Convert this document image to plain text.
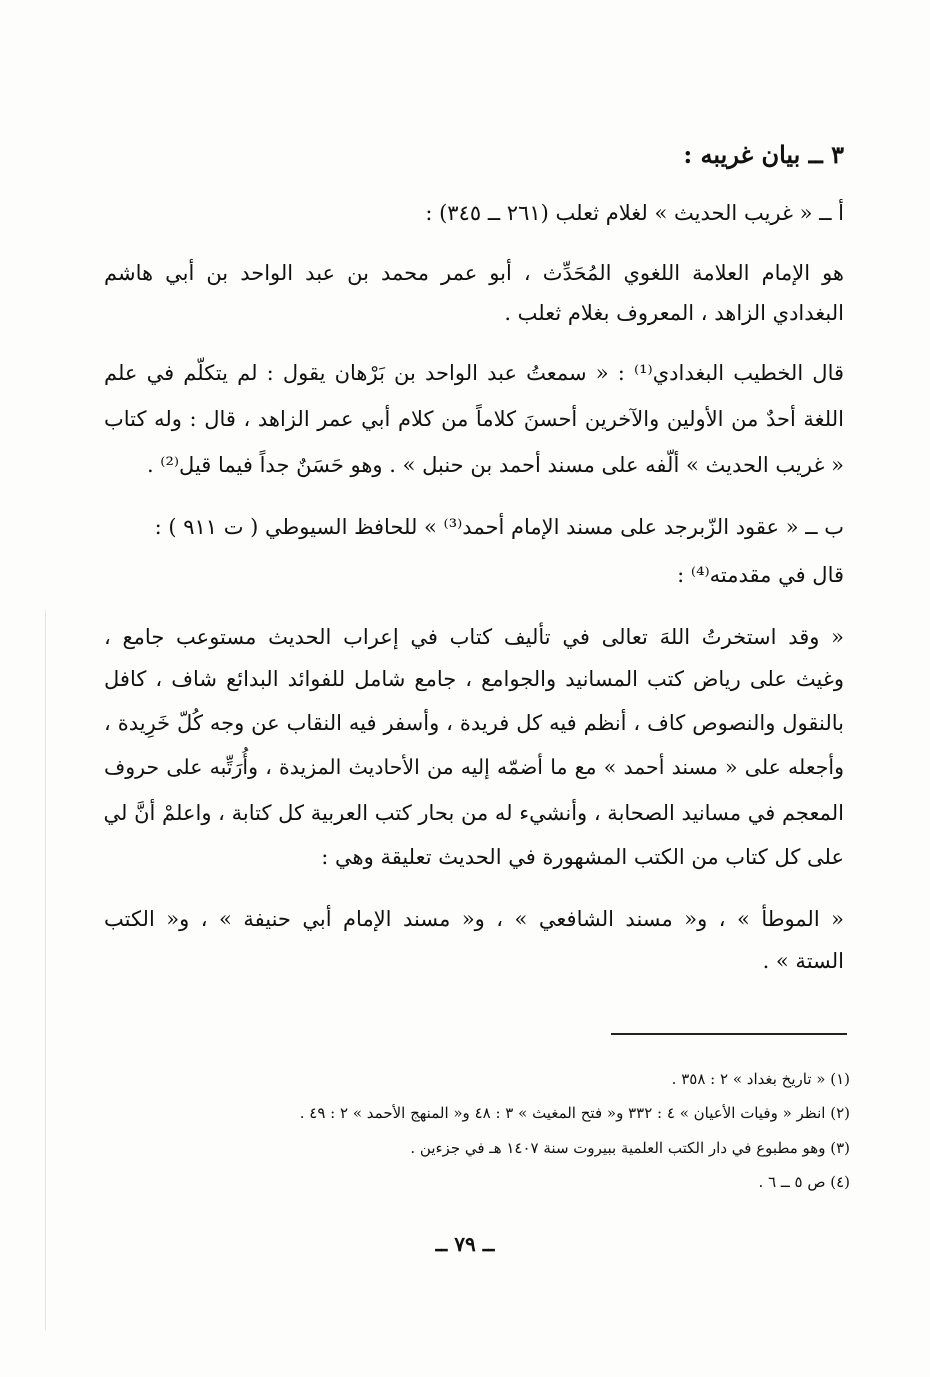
٣ ــ بيان غريبه :
أ ــ « غريب الحديث » لغلام ثعلب (٢٦١ ــ ٣٤٥) :
هو الإمام العلامة اللغوي المُحَدِّث ، أبو عمر محمد بن عبد الواحد بن أبي هاشم
البغدادي الزاهد ، المعروف بغلام ثعلب .
قال الخطيب البغدادي⁽¹⁾ : « سمعتُ عبد الواحد بن بَرْهان يقول : لم يتكلّم في علم
اللغة أحدٌ من الأولين والآخرين أحسنَ كلاماً من كلام أبي عمر الزاهد ، قال : وله كتاب
« غريب الحديث » ألّفه على مسند أحمد بن حنبل » . وهو حَسَنٌ جداً فيما قيل⁽²⁾ .
ب ــ « عقود الزّبرجد على مسند الإمام أحمد⁽³⁾ » للحافظ السيوطي ( ت ٩١١ ) :
قال في مقدمته⁽⁴⁾ :
« وقد استخرتُ اللهَ تعالى في تأليف كتاب في إعراب الحديث مستوعب جامع ،
وغيث على رياض كتب المسانيد والجوامع ، جامع شامل للفوائد البدائع شاف ، كافل
بالنقول والنصوص كاف ، أنظم فيه كل فريدة ، وأسفر فيه النقاب عن وجه كُلّ خَرِيدة ،
وأجعله على « مسند أحمد » مع ما أضمّه إليه من الأحاديث المزيدة ، وأُرَتِّبه على حروف
المعجم في مسانيد الصحابة ، وأنشيء له من بحار كتب العربية كل كتابة ، واعلمْ أنَّ لي
على كل كتاب من الكتب المشهورة في الحديث تعليقة وهي :
« الموطأ » ، و« مسند الشافعي » ، و« مسند الإمام أبي حنيفة » ، و« الكتب
الستة » .
(١) « تاريخ بغداد » ٢ : ٣٥٨ .
(٢) انظر « وفيات الأعيان » ٤ : ٣٣٢ و« فتح المغيث » ٣ : ٤٨ و« المنهج الأحمد » ٢ : ٤٩ .
(٣) وهو مطبوع في دار الكتب العلمية ببيروت سنة ١٤٠٧ هـ في جزءين .
(٤) ص ٥ ــ ٦ .
ــ ٧٩ ــ
